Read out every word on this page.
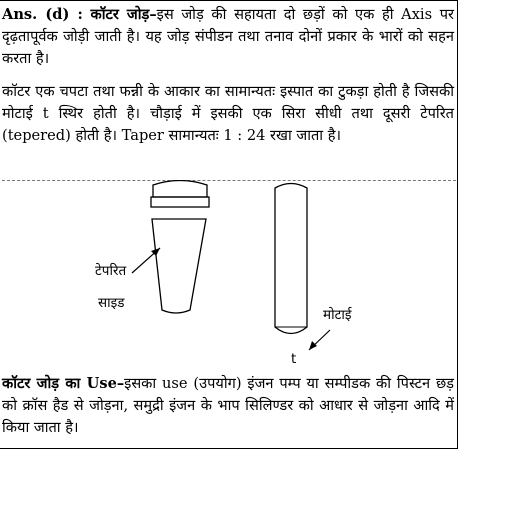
Ans. (d) : कॉटर जोड़–इस जोड़ की सहायता दो छड़ों को एक ही Axis पर दृढ़तापूर्वक जोड़ी जाती है। यह जोड़ संपीडन तथा तनाव दोनों प्रकार के भारों को सहन करता है।

कॉटर एक चपटा तथा फन्नी के आकार का सामान्यतः इस्पात का टुकड़ा होती है जिसकी मोटाई t स्थिर होती है। चौड़ाई में इसकी एक सिरा सीधी तथा दूसरी टेपरित (tepered) होती है। Taper सामान्यतः 1 : 24 रखा जाता है।

टेपरित
साइड
मोटाई
t

कॉटर जोड़ का Use–इसका use (उपयोग) इंजन पम्प या सम्पीडक की पिस्टन छड़ को क्रॉस हैड से जोड़ना, समुद्री इंजन के भाप सिलिण्डर को आधार से जोड़ना आदि में किया जाता है।
